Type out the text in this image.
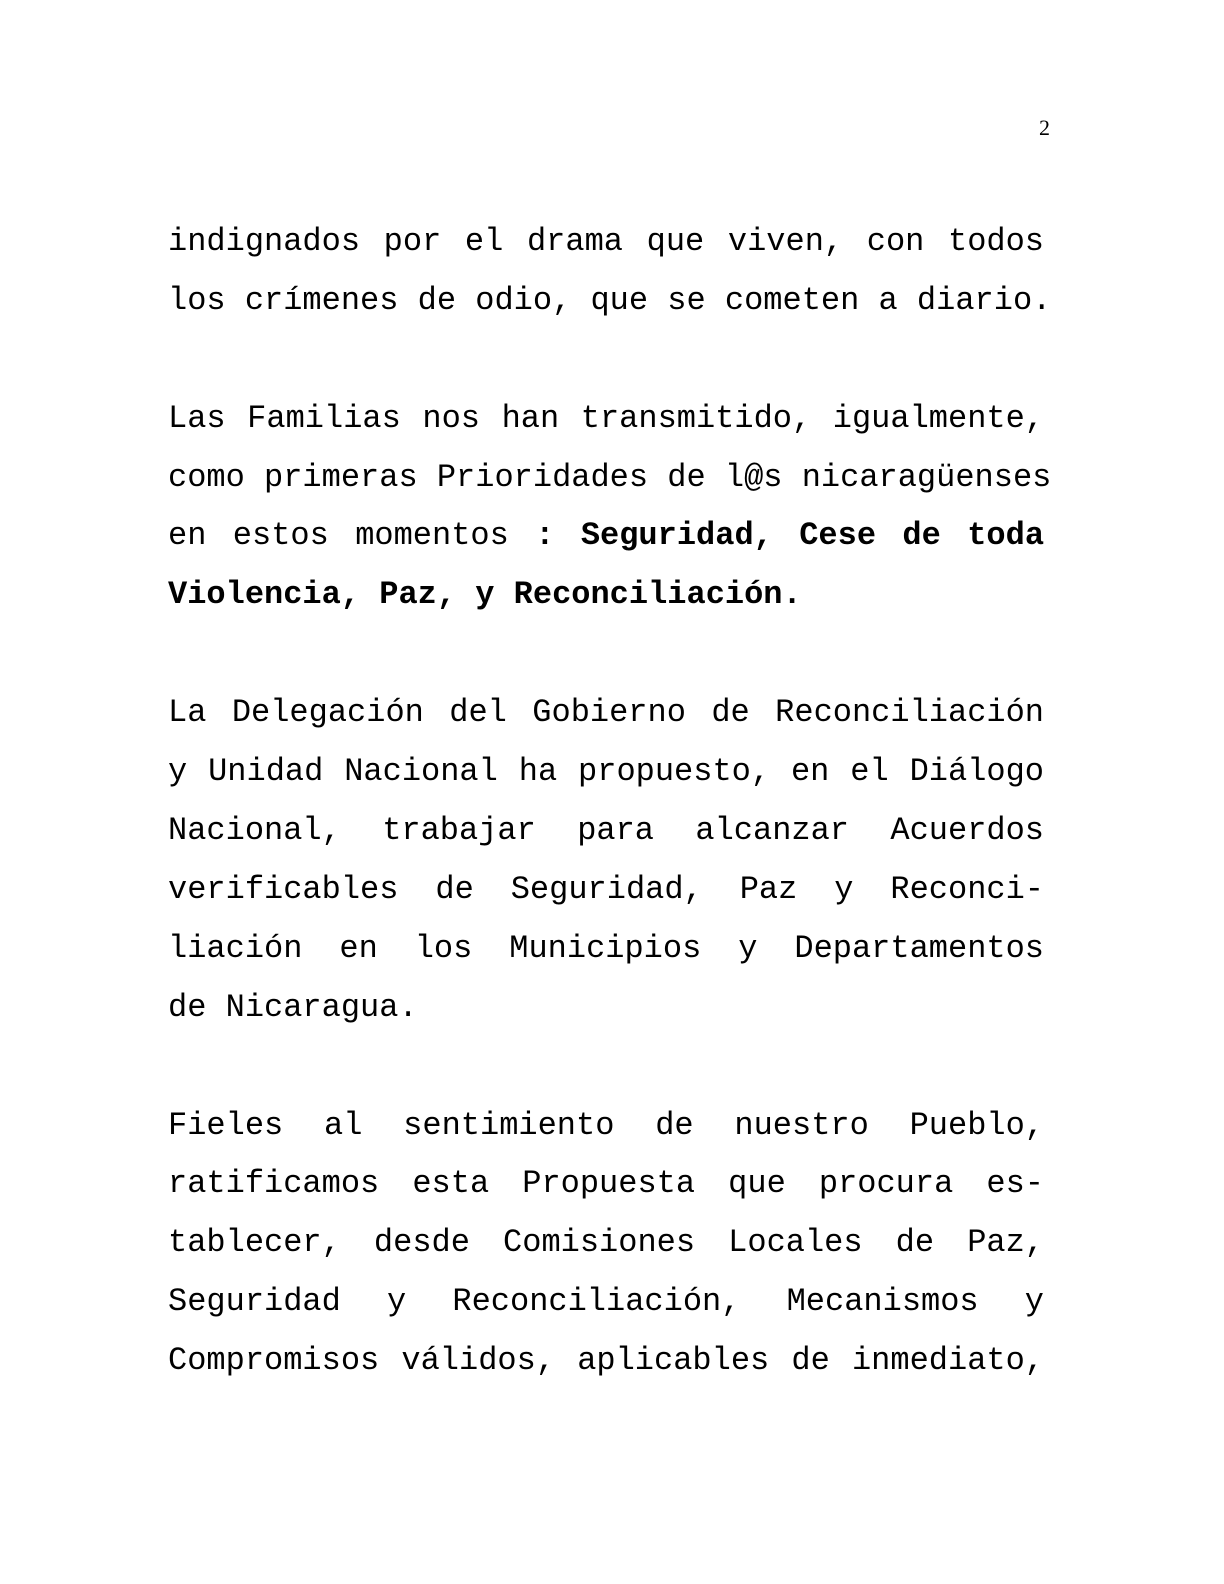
2
indignados por el drama que viven, con todos
los crímenes de odio, que se cometen a diario.
Las Familias nos han transmitido, igualmente,
como primeras Prioridades de l@s nicaragüenses
en estos momentos : Seguridad, Cese de toda
Violencia, Paz, y Reconciliación.
La Delegación del Gobierno de Reconciliación
y Unidad Nacional ha propuesto, en el Diálogo
Nacional, trabajar para alcanzar Acuerdos
verificables de Seguridad, Paz y Reconci-
liación en los Municipios y Departamentos
de Nicaragua.
Fieles al sentimiento de nuestro Pueblo,
ratificamos esta Propuesta que procura es-
tablecer, desde Comisiones Locales de Paz,
Seguridad y Reconciliación, Mecanismos y
Compromisos válidos, aplicables de inmediato,
